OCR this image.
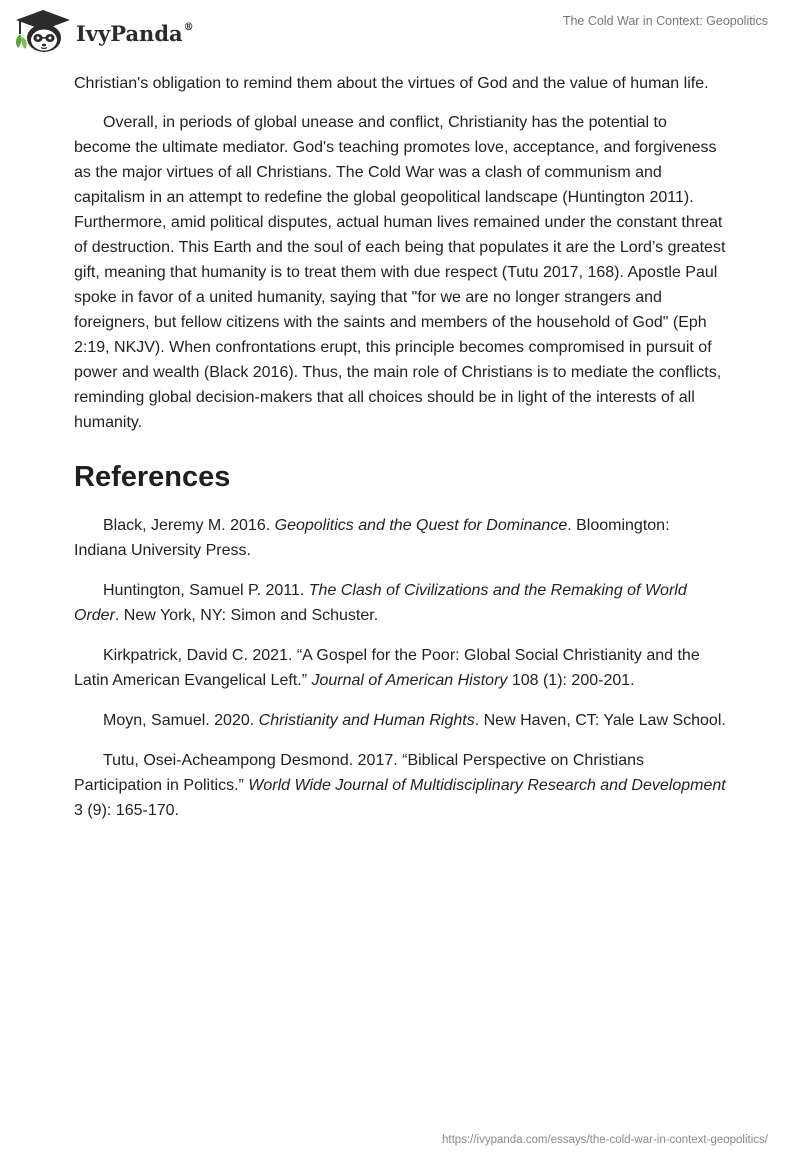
IvyPanda®	The Cold War in Context: Geopolitics

Christian's obligation to remind them about the virtues of God and the value of human life.

Overall, in periods of global unease and conflict, Christianity has the potential to become the ultimate mediator. God's teaching promotes love, acceptance, and forgiveness as the major virtues of all Christians. The Cold War was a clash of communism and capitalism in an attempt to redefine the global geopolitical landscape (Huntington 2011). Furthermore, amid political disputes, actual human lives remained under the constant threat of destruction. This Earth and the soul of each being that populates it are the Lord’s greatest gift, meaning that humanity is to treat them with due respect (Tutu 2017, 168). Apostle Paul spoke in favor of a united humanity, saying that "for we are no longer strangers and foreigners, but fellow citizens with the saints and members of the household of God" (Eph 2:19, NKJV). When confrontations erupt, this principle becomes compromised in pursuit of power and wealth (Black 2016). Thus, the main role of Christians is to mediate the conflicts, reminding global decision-makers that all choices should be in light of the interests of all humanity.

References

Black, Jeremy M. 2016. Geopolitics and the Quest for Dominance. Bloomington: Indiana University Press.

Huntington, Samuel P. 2011. The Clash of Civilizations and the Remaking of World Order. New York, NY: Simon and Schuster.

Kirkpatrick, David C. 2021. “A Gospel for the Poor: Global Social Christianity and the Latin American Evangelical Left.” Journal of American History 108 (1): 200-201.

Moyn, Samuel. 2020. Christianity and Human Rights. New Haven, CT: Yale Law School.

Tutu, Osei-Acheampong Desmond. 2017. “Biblical Perspective on Christians Participation in Politics.” World Wide Journal of Multidisciplinary Research and Development 3 (9): 165-170.

https://ivypanda.com/essays/the-cold-war-in-context-geopolitics/
